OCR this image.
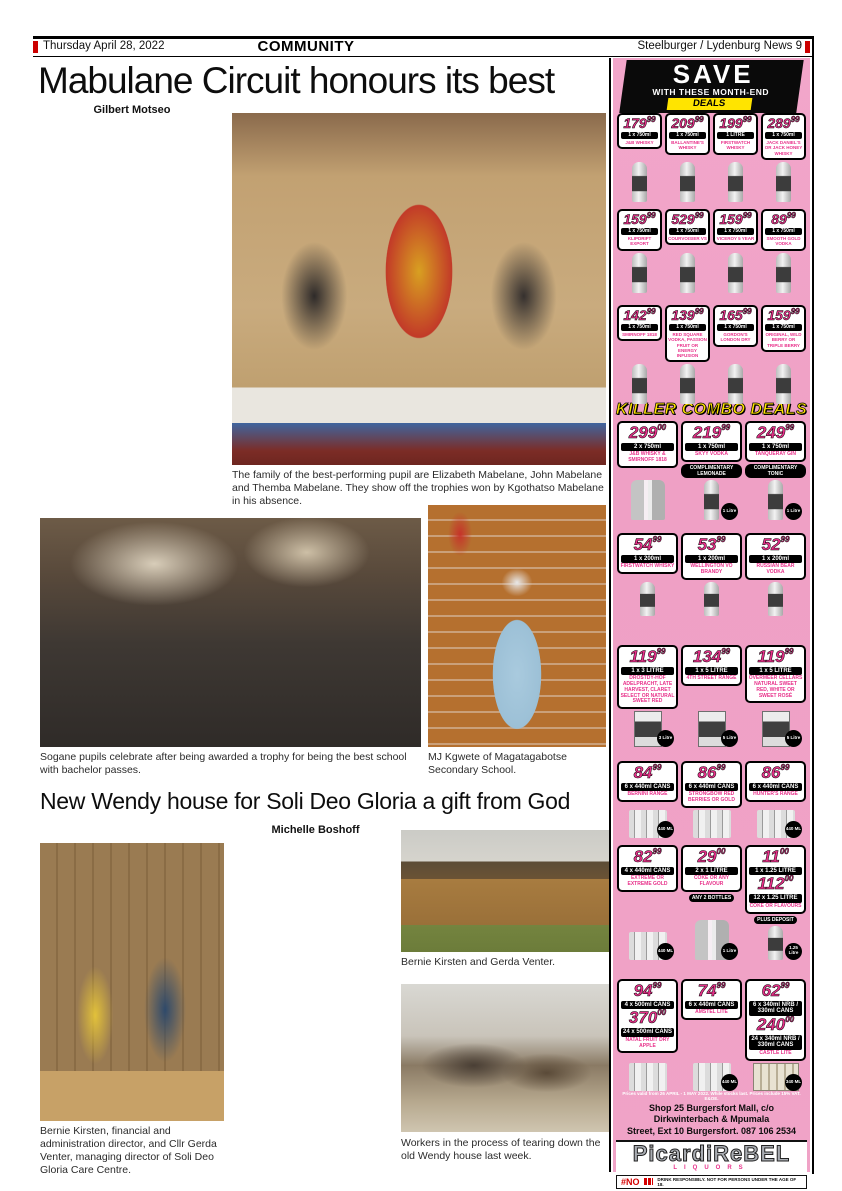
Thursday April 28, 2022	COMMUNITY	Steelburger / Lydenburg News 9
Mabulane Circuit honours its best
Gilbert Motseo

The family of the best-performing pupil are Elizabeth Mabelane, John Mabelane and Themba Mabelane. They show off the trophies won by Kgothatso Mabelane in his absence.
Sogane pupils celebrate after being awarded a trophy for being the best school with bachelor passes.
MJ Kgwete of Magatagabotse Secondary School.
New Wendy house for Soli Deo Gloria a gift from God
Michelle Boshoff
Bernie Kirsten, financial and administration director, and Cllr Gerda Venter, managing director of Soli Deo Gloria Care Centre.

Bernie Kirsten and Gerda Venter.
Workers in the process of tearing down the old Wendy house last week.
SAVE
WITH THESE MONTH-END
DEALS
$179^{99}$
1 x 750ml
J&B WHISKY
$209^{99}$
1 x 750ml
BALLANTINE'S WHISKY
$199^{99}$
1 LITRE
FIRSTWATCH WHISKY
$289^{99}$
1 x 750ml
JACK DANIEL'S OR JACK HONEY WHISKY
$159^{99}$
1 x 750ml
KLIPDRIFT EXPORT
$529^{99}$
1 x 750ml
COURVOISIER VS
$159^{99}$
1 x 750ml
VICEROY 5 YEAR
$89^{99}$
1 x 750ml
SMOOTH GOLD VODKA
$142^{99}$
1 x 750ml
SMIRNOFF 1818
$139^{99}$
1 x 750ml
RED SQUARE VODKA, PASSION FRUIT OR ENERGY INFUSION
$165^{99}$
1 x 750ml
GORDON'S LONDON DRY
$159^{99}$
1 x 750ml
ORIGINAL, WILD BERRY OR TRIPLE BERRY
KILLER COMBO DEALS
$299^{00}$
2 x 750ml
J&B WHISKY & SMIRNOFF 1818
$219^{99}$
1 x 750ml
SKYY VODKA
COMPLIMENTARY LEMONADE
1 Litre
$249^{99}$
1 x 750ml
TANQUERAY GIN
COMPLIMENTARY TONIC
1 Litre
$54^{99}$
1 x 200ml
FIRSTWATCH WHISKY
$53^{99}$
1 x 200ml
WELLINGTON VO BRANDY
$52^{99}$
1 x 200ml
RUSSIAN BEAR VODKA
$119^{99}$
1 x 3 LITRE
DROSTDY-HOF ADELPRACHT, LATE HARVEST, CLARET SELECT OR NATURAL SWEET RED
3 Litre
$134^{99}$
1 x 5 LITRE
4TH STREET RANGE
5 Litre
$119^{99}$
1 x 5 LITRE
OVERMEER CELLARS NATURAL SWEET RED, WHITE OR SWEET ROSÉ
5 Litre
$84^{99}$
6 x 440ml CANS
BERNINI RANGE
440 ML
$86^{99}$
6 x 440ml CANS
STRONGBOW RED BERRIES OR GOLD
$86^{99}$
6 x 440ml CANS
HUNTER'S RANGE
440 ML
$82^{99}$
4 x 440ml CANS
EXTREME OR EXTREME GOLD
440 ML
$29^{00}$
2 x 1 LITRE
COKE OR ANY FLAVOUR
ANY 2 BOTTLES
1 Litre
$11^{00}$
1 x 1.25 LITRE
$112^{00}$
12 x 1.25 LITRE
COKE OR FLAVOURS
PLUS DEPOSIT
1.25 Litre
$94^{99}$
4 x 500ml CANS
$370^{00}$
24 x 500ml CANS
NATAL FRUIT DRY APPLE
$74^{99}$
6 x 440ml CANS
AMSTEL LITE
440 ML
$62^{99}$
6 x 340ml NRB / 330ml CANS
$240^{00}$
24 x 340ml NRB / 330ml CANS
CASTLE LITE
340 ML
Prices valid from 26 APRIL - 1 MAY 2022. While stocks last. Prices include 15% VAT. E&OE.
Shop 25 Burgersfort Mall, c/o Dirkwinterbach & Mpumala
Street, Ext 10 Burgersfort. 087 106 2534
PicardiReBEL
LIQUORS
#NO	DRINK RESPONSIBLY. NOT FOR PERSONS UNDER THE AGE OF 18.
